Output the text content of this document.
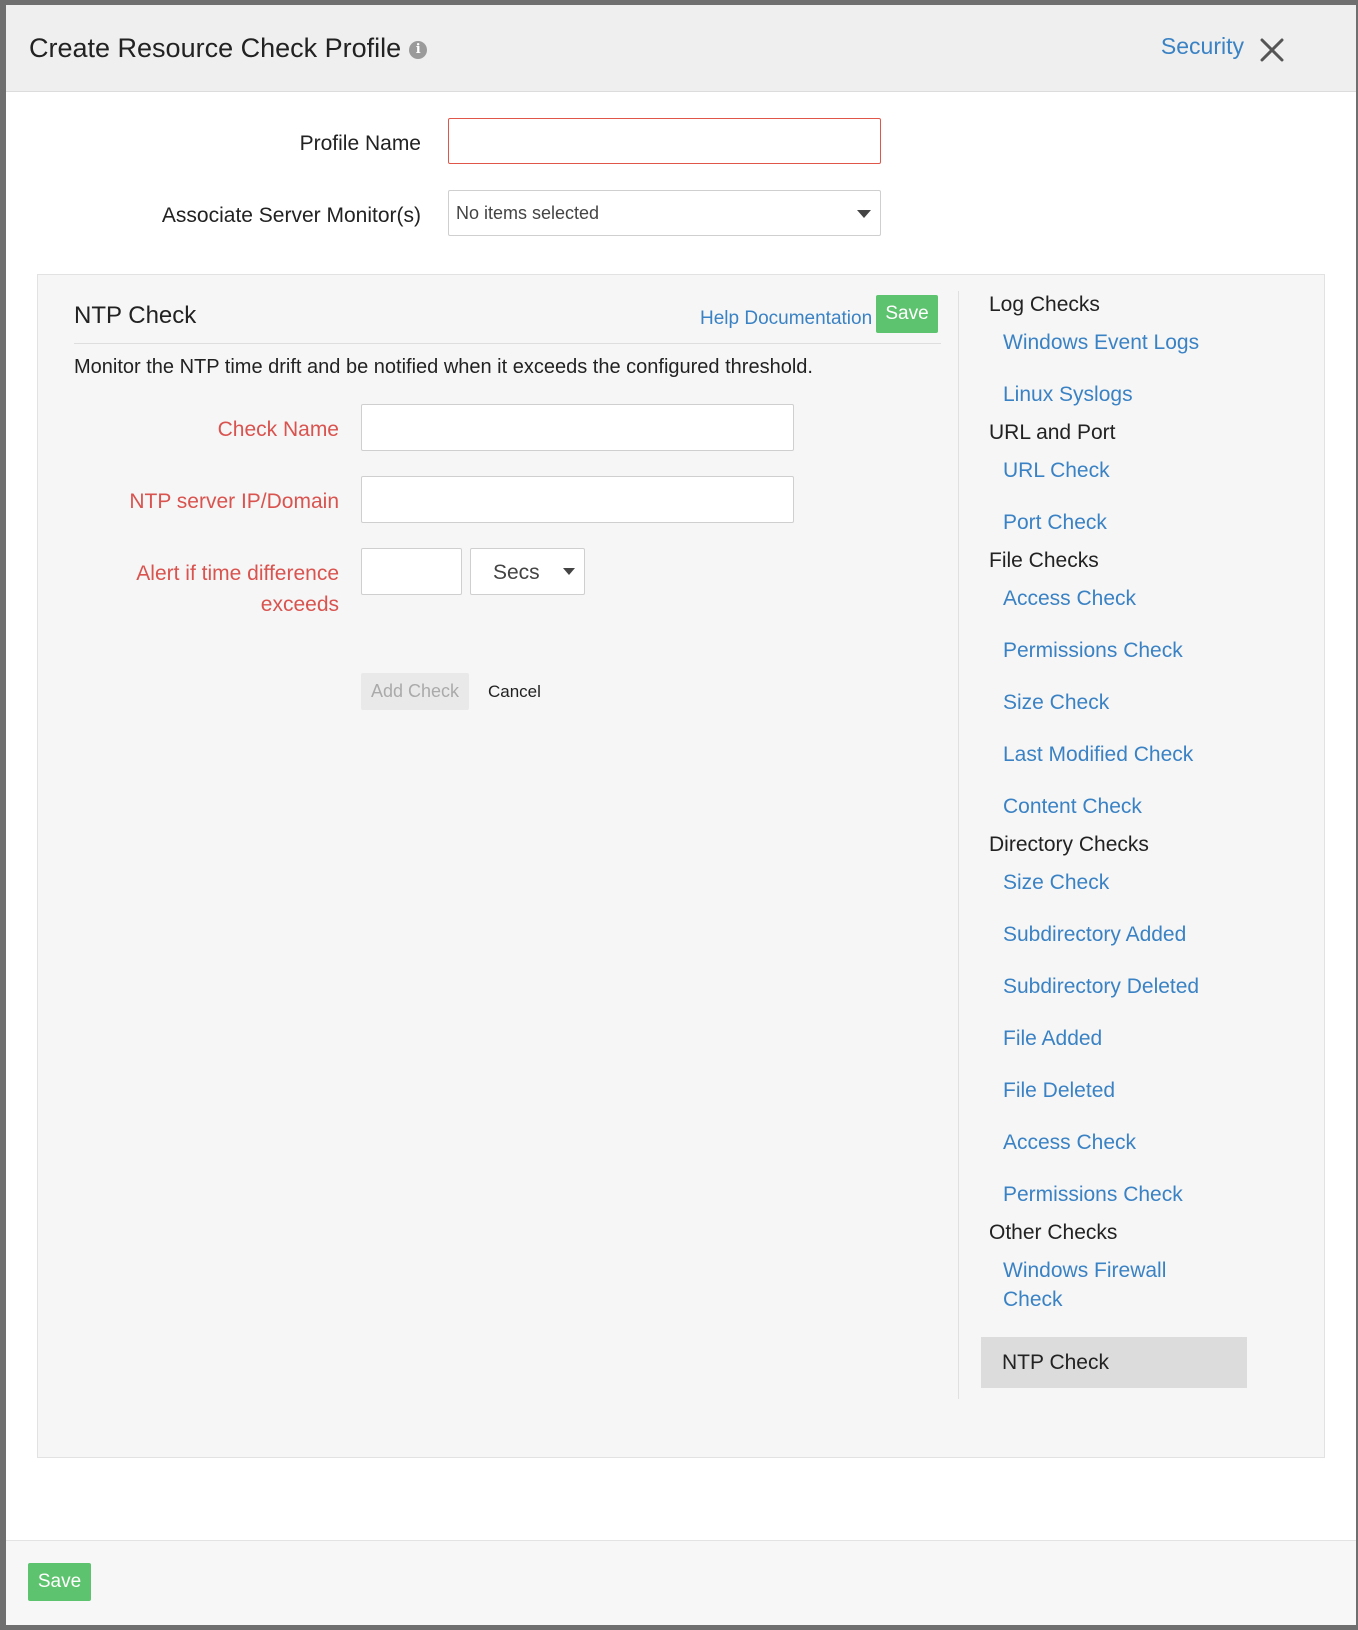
Create Resource Check Profile i	Security
Profile Name
Associate Server Monitor(s) No items selected
NTP Check	Help Documentation Save
Monitor the NTP time drift and be notified when it exceeds the configured threshold.
Check Name
NTP server IP/Domain
Alert if time difference
exceeds
Secs
Add Check	Cancel
Log Checks
Windows Event Logs
Linux Syslogs
URL and Port
URL Check
Port Check
File Checks
Access Check
Permissions Check
Size Check
Last Modified Check
Content Check
Directory Checks
Size Check
Subdirectory Added
Subdirectory Deleted
File Added
File Deleted
Access Check
Permissions Check
Other Checks
Windows Firewall Check
NTP Check
Save
